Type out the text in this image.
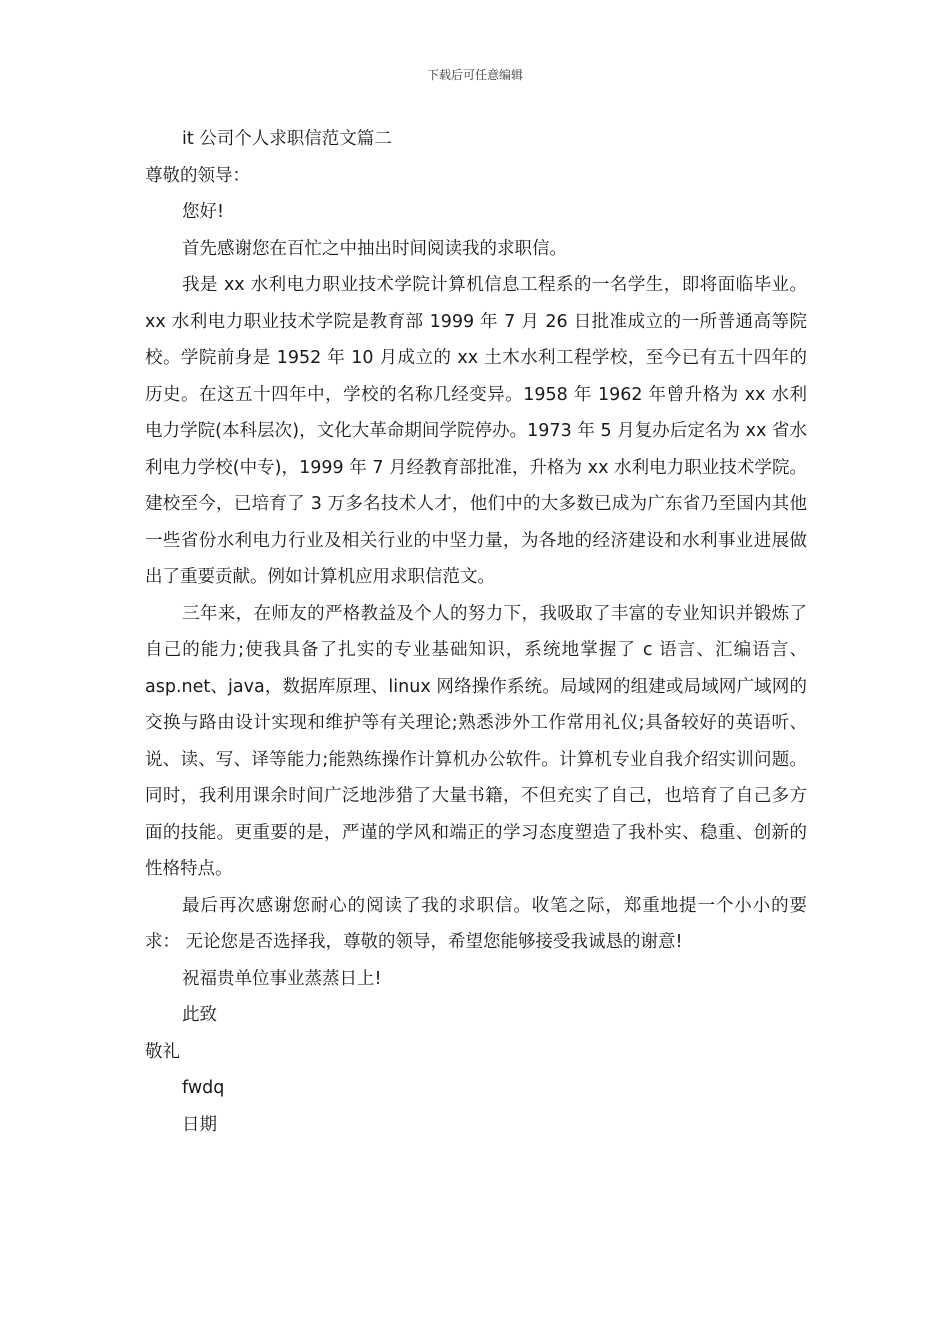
下载后可任意编辑

it 公司个人求职信范文篇二

尊敬的领导：

您好!

首先感谢您在百忙之中抽出时间阅读我的求职信。

我是 xx 水利电力职业技术学院计算机信息工程系的一名学生，即将面临毕业。xx 水利电力职业技术学院是教育部 1999 年 7 月 26 日批准成立的一所普通高等院校。学院前身是 1952 年 10 月成立的 xx 土木水利工程学校，至今已有五十四年的历史。在这五十四年中，学校的名称几经变异。1958 年 1962 年曾升格为 xx 水利电力学院(本科层次)，文化大革命期间学院停办。1973 年 5 月复办后定名为 xx 省水利电力学校(中专)，1999 年 7 月经教育部批准，升格为 xx 水利电力职业技术学院。建校至今，已培育了 3 万多名技术人才，他们中的大多数已成为广东省乃至国内其他一些省份水利电力行业及相关行业的中坚力量，为各地的经济建设和水利事业进展做出了重要贡献。例如计算机应用求职信范文。

三年来，在师友的严格教益及个人的努力下，我吸取了丰富的专业知识并锻炼了自己的能力;使我具备了扎实的专业基础知识，系统地掌握了 c 语言、汇编语言、asp.net、java，数据库原理、linux 网络操作系统。局域网的组建或局域网广域网的交换与路由设计实现和维护等有关理论;熟悉涉外工作常用礼仪;具备较好的英语听、说、读、写、译等能力;能熟练操作计算机办公软件。计算机专业自我介绍实训问题。同时，我利用课余时间广泛地涉猎了大量书籍，不但充实了自己，也培育了自己多方面的技能。更重要的是，严谨的学风和端正的学习态度塑造了我朴实、稳重、创新的性格特点。

最后再次感谢您耐心的阅读了我的求职信。收笔之际，郑重地提一个小小的要求： 无论您是否选择我，尊敬的领导，希望您能够接受我诚恳的谢意!

祝福贵单位事业蒸蒸日上!

此致

敬礼

fwdq

日期
